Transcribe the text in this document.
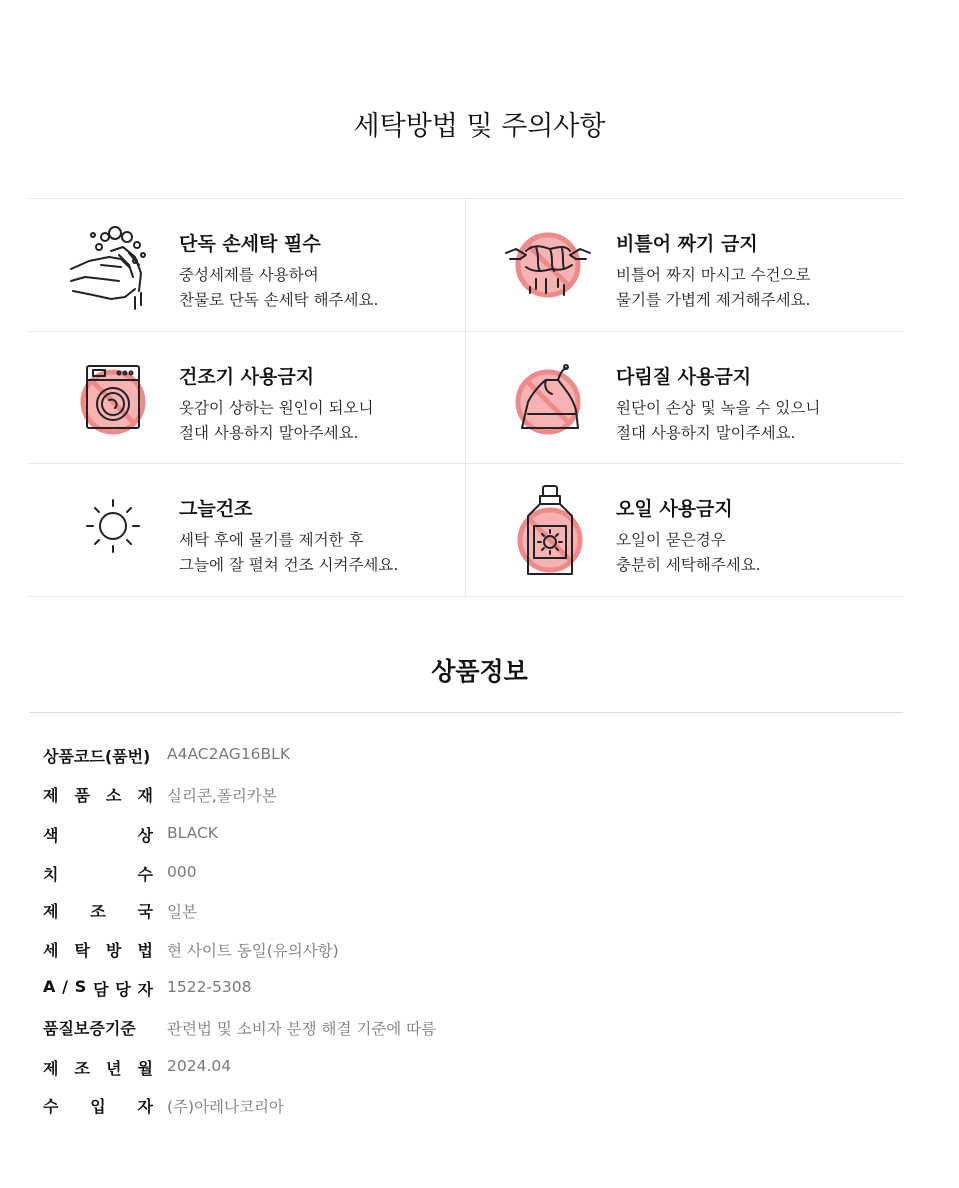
세탁방법 및 주의사항
단독 손세탁 필수
중성세제를 사용하여
찬물로 단독 손세탁 해주세요.
비틀어 짜기 금지
비틀어 짜지 마시고 수건으로
물기를 가볍게 제거해주세요.
건조기 사용금지
옷감이 상하는 원인이 되오니
절대 사용하지 말아주세요.
다림질 사용금지
원단이 손상 및 녹을 수 있으니
절대 사용하지 말이주세요.
그늘건조
세탁 후에 물기를 제거한 후
그늘에 잘 펼쳐 건조 시켜주세요.
오일 사용금지
오일이 묻은경우
충분히 세탁해주세요.
상품정보
상품코드(품번) A4AC2AG16BLK
제 품 소 재 실리콘,폴리카본
색	상 BLACK
치	수 000
제 조 국 일본
세 탁 방 법 현 사이트 동일(유의사항)
A / S 담 당 자 1522-5308
품질보증기준	관련법 및 소비자 분쟁 해결 기준에 따름
제 조 년 월 2024.04
수 입 자 (주)아레나코리아
